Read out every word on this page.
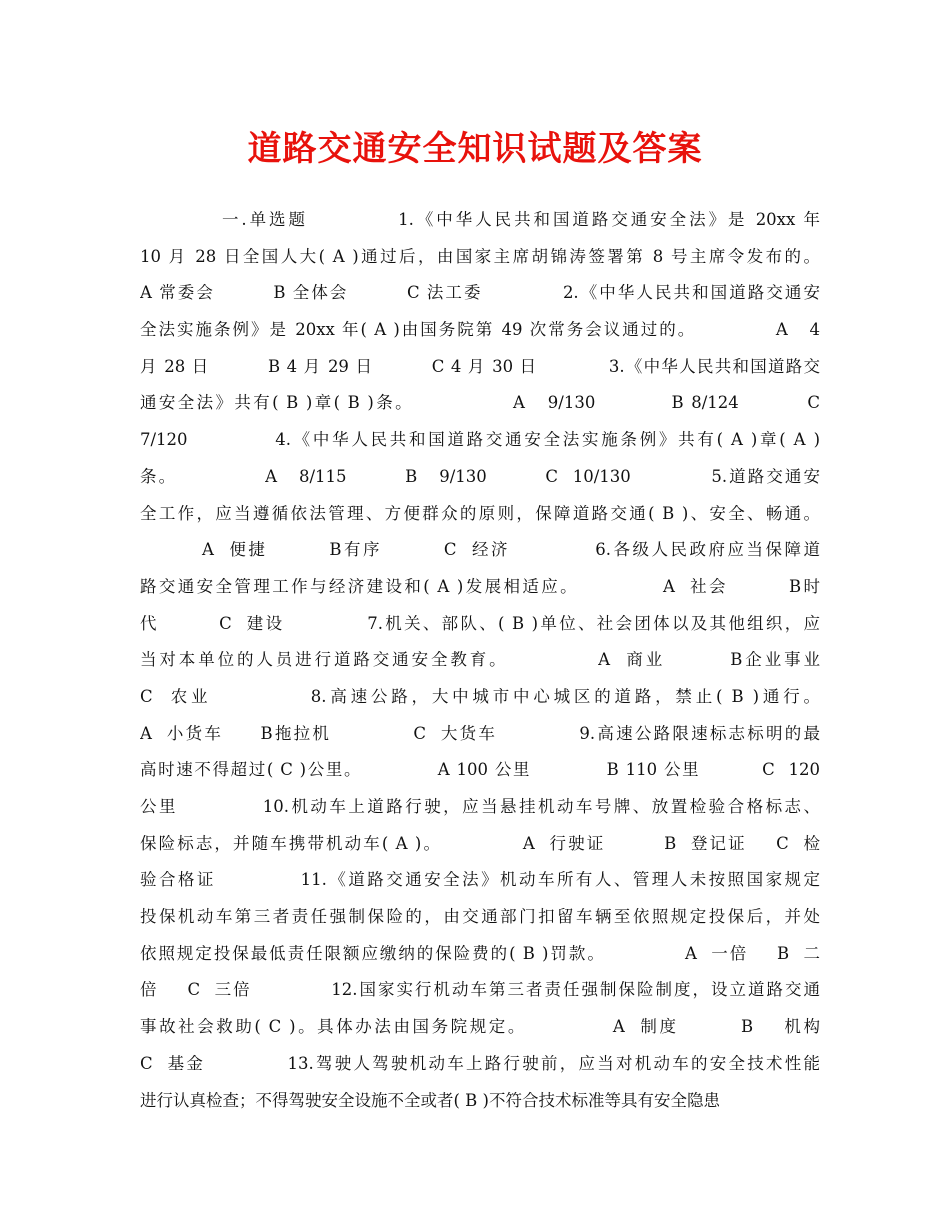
道路交通安全知识试题及答案
一.单选题           1.《中华人民共和国道路交通安全法》是 20xx 年
10 月 28 日全国人大( A )通过后，由国家主席胡锦涛签署第 8 号主席令发布的。
A 常委会        B 全体会        C 法工委           2.《中华人民共和国道路交通安
全法实施条例》是 20xx 年( A )由国务院第 49 次常务会议通过的。           A   4
月 28 日         B 4 月 29 日         C 4 月 30 日           3.《中华人民共和国道路交
通安全法》共有( B )章( B )条。             A   9/130          B 8/124         C
7/120           4.《中华人民共和国道路交通安全法实施条例》共有( A )章( A )
条。            A   8/115        B   9/130        C  10/130           5.道路交通安
全工作，应当遵循依法管理、方便群众的原则，保障道路交通( B )、安全、畅通。
A  便捷        B有序        C  经济           6.各级人民政府应当保障道
路交通安全管理工作与经济建设和( A )发展相适应。           A  社会        B时
代        C  建设           7.机关、部队、( B )单位、社会团体以及其他组织，应
当对本单位的人员进行道路交通安全教育。           A  商业        B企业事业
C  农业           8.高速公路，大中城市中心城区的道路，禁止( B )通行。
A  小货车     B拖拉机           C  大货车           9.高速公路限速标志标明的最
高时速不得超过( C )公里。           A 100 公里           B 110 公里         C  120
公里           10.机动车上道路行驶，应当悬挂机动车号牌、放置检验合格标志、
保险标志，并随车携带机动车( A )。           A  行驶证        B  登记证    C  检
验合格证           11.《道路交通安全法》机动车所有人、管理人未按照国家规定
投保机动车第三者责任强制保险的，由交通部门扣留车辆至依照规定投保后，并处
依照规定投保最低责任限额应缴纳的保险费的( B )罚款。           A  一倍    B  二
倍    C  三倍           12.国家实行机动车第三者责任强制保险制度，设立道路交通
事故社会救助( C )。具体办法由国务院规定。           A  制度        B    机构
C  基金           13.驾驶人驾驶机动车上路行驶前，应当对机动车的安全技术性能
进行认真检查；不得驾驶安全设施不全或者( B )不符合技术标准等具有安全隐患
